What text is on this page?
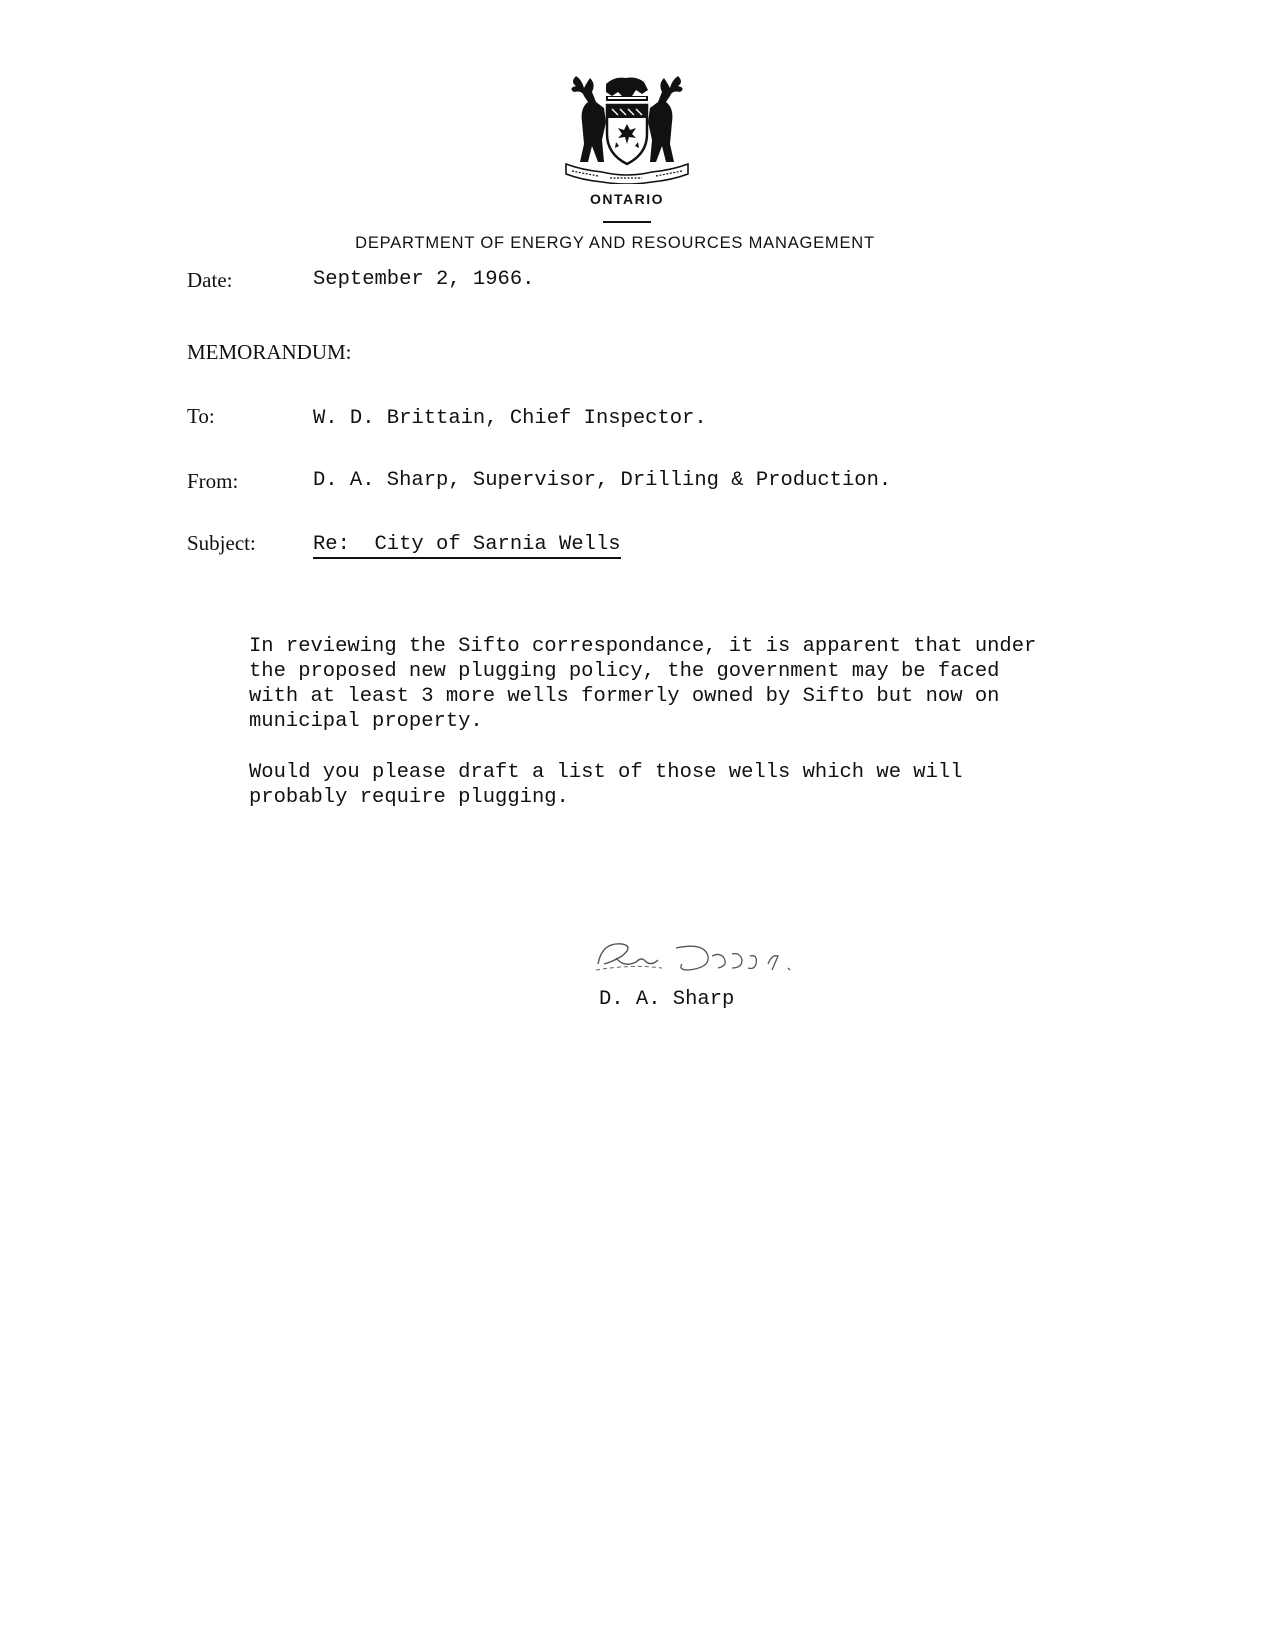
ONTARIO
DEPARTMENT OF ENERGY AND RESOURCES MANAGEMENT
Date:	September 2, 1966.
MEMORANDUM:
To:	W. D. Brittain, Chief Inspector.
From:	D. A. Sharp, Supervisor, Drilling & Production.
Subject:	Re:  City of Sarnia Wells
In reviewing the Sifto correspondance, it is apparent that under
the proposed new plugging policy, the government may be faced
with at least 3 more wells formerly owned by Sifto but now on
municipal property.
Would you please draft a list of those wells which we will
probably require plugging.
D. A. Sharp
